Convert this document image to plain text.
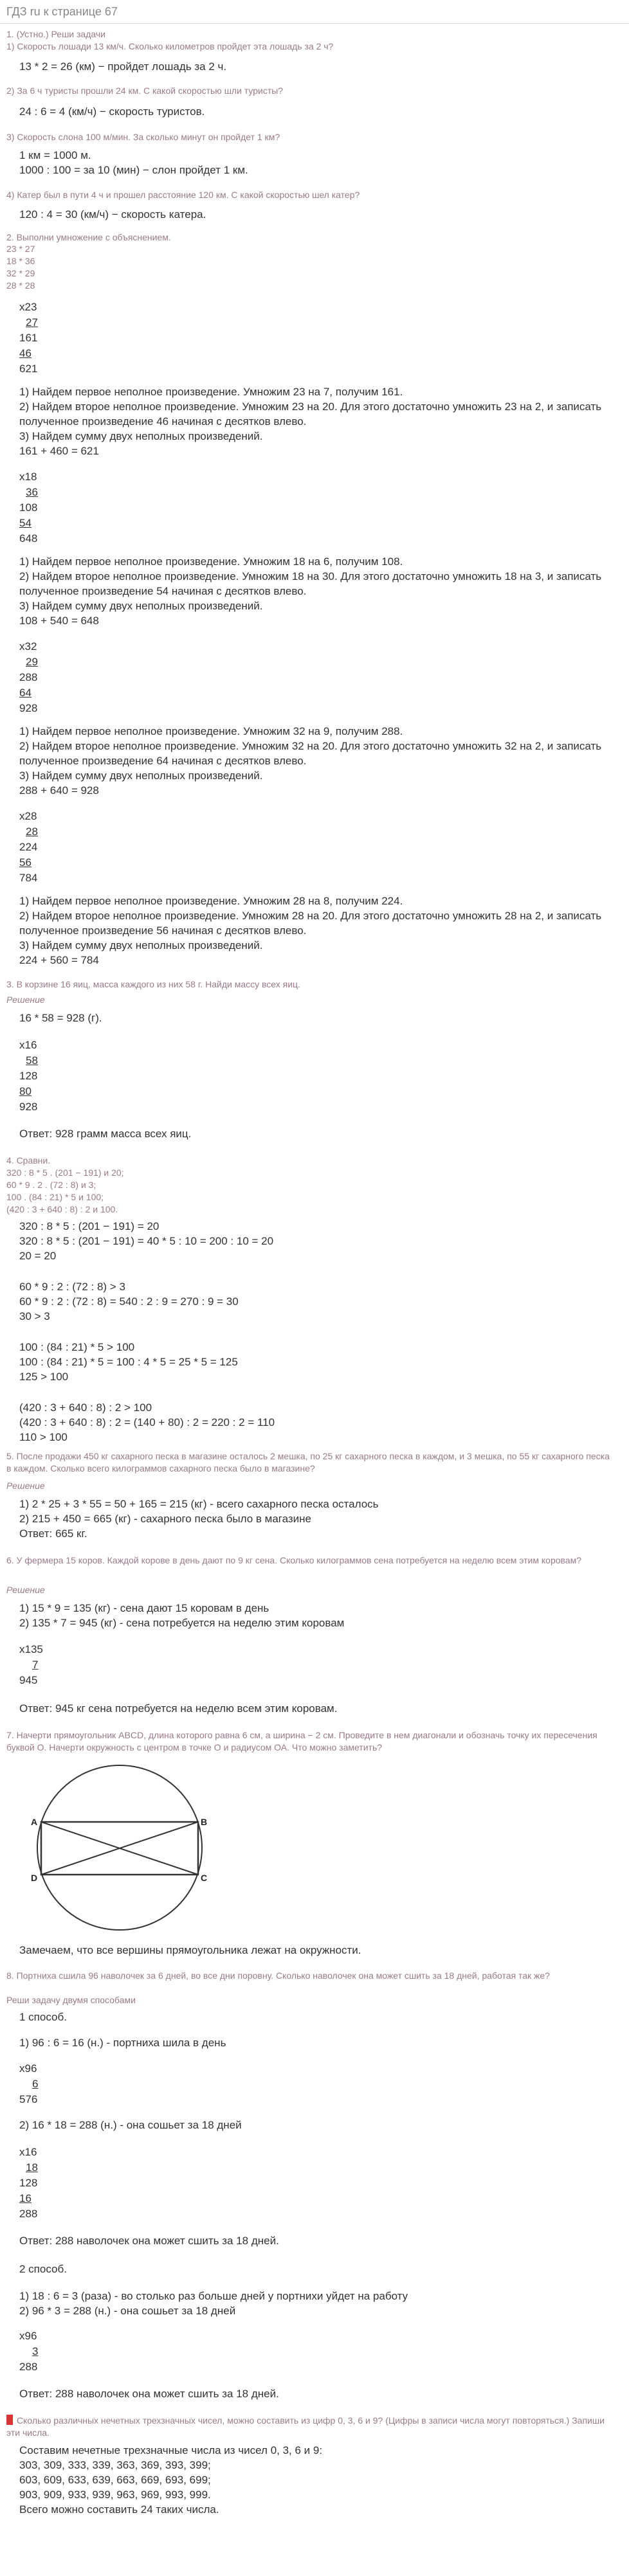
ГДЗ ru к странице 67
1. (Устно.) Реши задачи
1) Скорость лошади 13 км/ч. Сколько километров пройдет эта лошадь за 2 ч?
13 * 2 = 26 (км) − пройдет лошадь за 2 ч.
2) За 6 ч туристы прошли 24 км. С какой скоростью шли туристы?
24 : 6 = 4 (км/ч) − скорость туристов.
3) Скорость слона 100 м/мин. За сколько минут он пройдет 1 км?
1 км = 1000 м.
1000 : 100 = за 10 (мин) − слон пройдет 1 км.
4) Катер был в пути 4 ч и прошел расстояние 120 км. С какой скоростью шел катер?
120 : 4 = 30 (км/ч) − скорость катера.
2. Выполни умножение с объяснением.
23 * 27
18 * 36
32 * 29
28 * 28
x23
27
161
46
621
1) Найдем первое неполное произведение. Умножим 23 на 7, получим 161.
2) Найдем второе неполное произведение. Умножим 23 на 20. Для этого достаточно умножить 23 на 2, и записать полученное произведение 46 начиная с десятков влево.
3) Найдем сумму двух неполных произведений.
161 + 460 = 621
x18
36
108
54
648
1) Найдем первое неполное произведение. Умножим 18 на 6, получим 108.
2) Найдем второе неполное произведение. Умножим 18 на 30. Для этого достаточно умножить 18 на 3, и записать полученное произведение 54 начиная с десятков влево.
3) Найдем сумму двух неполных произведений.
108 + 540 = 648
x32
29
288
64
928
1) Найдем первое неполное произведение. Умножим 32 на 9, получим 288.
2) Найдем второе неполное произведение. Умножим 32 на 20. Для этого достаточно умножить 32 на 2, и записать полученное произведение 64 начиная с десятков влево.
3) Найдем сумму двух неполных произведений.
288 + 640 = 928
x28
28
224
56
784
1) Найдем первое неполное произведение. Умножим 28 на 8, получим 224.
2) Найдем второе неполное произведение. Умножим 28 на 20. Для этого достаточно умножить 28 на 2, и записать полученное произведение 56 начиная с десятков влево.
3) Найдем сумму двух неполных произведений.
224 + 560 = 784
3. В корзине 16 яиц, масса каждого из них 58 г. Найди массу всех яиц.
Решение
16 * 58 = 928 (г).
x16
58
128
80
928
Ответ: 928 грамм масса всех яиц.
4. Сравни.
320 : 8 * 5 . (201 − 191) и 20;
60 * 9 . 2 . (72 : 8) и 3;
100 . (84 : 21) * 5 и 100;
(420 : 3 + 640 : 8) : 2 и 100.
320 : 8 * 5 : (201 − 191) = 20
320 : 8 * 5 : (201 − 191) = 40 * 5 : 10 = 200 : 10 = 20
20 = 20
60 * 9 : 2 : (72 : 8) > 3
60 * 9 : 2 : (72 : 8) = 540 : 2 : 9 = 270 : 9 = 30
30 > 3
100 : (84 : 21) * 5 > 100
100 : (84 : 21) * 5 = 100 : 4 * 5 = 25 * 5 = 125
125 > 100
(420 : 3 + 640 : 8) : 2 > 100
(420 : 3 + 640 : 8) : 2 = (140 + 80) : 2 = 220 : 2 = 110
110 > 100
5. После продажи 450 кг сахарного песка в магазине осталось 2 мешка, по 25 кг сахарного песка в каждом, и 3 мешка, по 55 кг сахарного песка в каждом. Сколько всего килограммов сахарного песка было в магазине?
Решение
1) 2 * 25 + 3 * 55 = 50 + 165 = 215 (кг) - всего сахарного песка осталось
2) 215 + 450 = 665 (кг) - сахарного песка было в магазине
Ответ: 665 кг.
6. У фермера 15 коров. Каждой корове в день дают по 9 кг сена. Сколько килограммов сена потребуется на неделю всем этим коровам?
Решение
1) 15 * 9 = 135 (кг) - сена дают 15 коровам в день
2) 135 * 7 = 945 (кг) - сена потребуется на неделю этим коровам
x135
7
945
Ответ: 945 кг сена потребуется на неделю всем этим коровам.
7. Начерти прямоугольник ABCD, длина которого равна 6 см, а ширина − 2 см. Проведите в нем диагонали и обозначь точку их пересечения буквой О. Начерти окружность с центром в точке О и радиусом ОА. Что можно заметить?
A	B
D	C
Замечаем, что все вершины прямоугольника лежат на окружности.
8. Портниха сшила 96 наволочек за 6 дней, во все дни поровну. Сколько наволочек она может сшить за 18 дней, работая так же?
Реши задачу двумя способами
1 способ.
1) 96 : 6 = 16 (н.) - портниха шила в день
x96
6
576
2) 16 * 18 = 288 (н.) - она сошьет за 18 дней
x16
18
128
16
288
Ответ: 288 наволочек она может сшить за 18 дней.
2 способ.
1) 18 : 6 = 3 (раза) - во столько раз больше дней у портнихи уйдет на работу
2) 96 * 3 = 288 (н.) - она сошьет за 18 дней
x96
3
288
Ответ: 288 наволочек она может сшить за 18 дней.
Сколько различных нечетных трехзначных чисел, можно составить из цифр 0, 3, 6 и 9? (Цифры в записи числа могут повторяться.) Запиши эти числа.
Составим нечетные трехзначные числа из чисел 0, 3, 6 и 9:
303, 309, 333, 339, 363, 369, 393, 399;
603, 609, 633, 639, 663, 669, 693, 699;
903, 909, 933, 939, 963, 969, 993, 999.
Всего можно составить 24 таких числа.
